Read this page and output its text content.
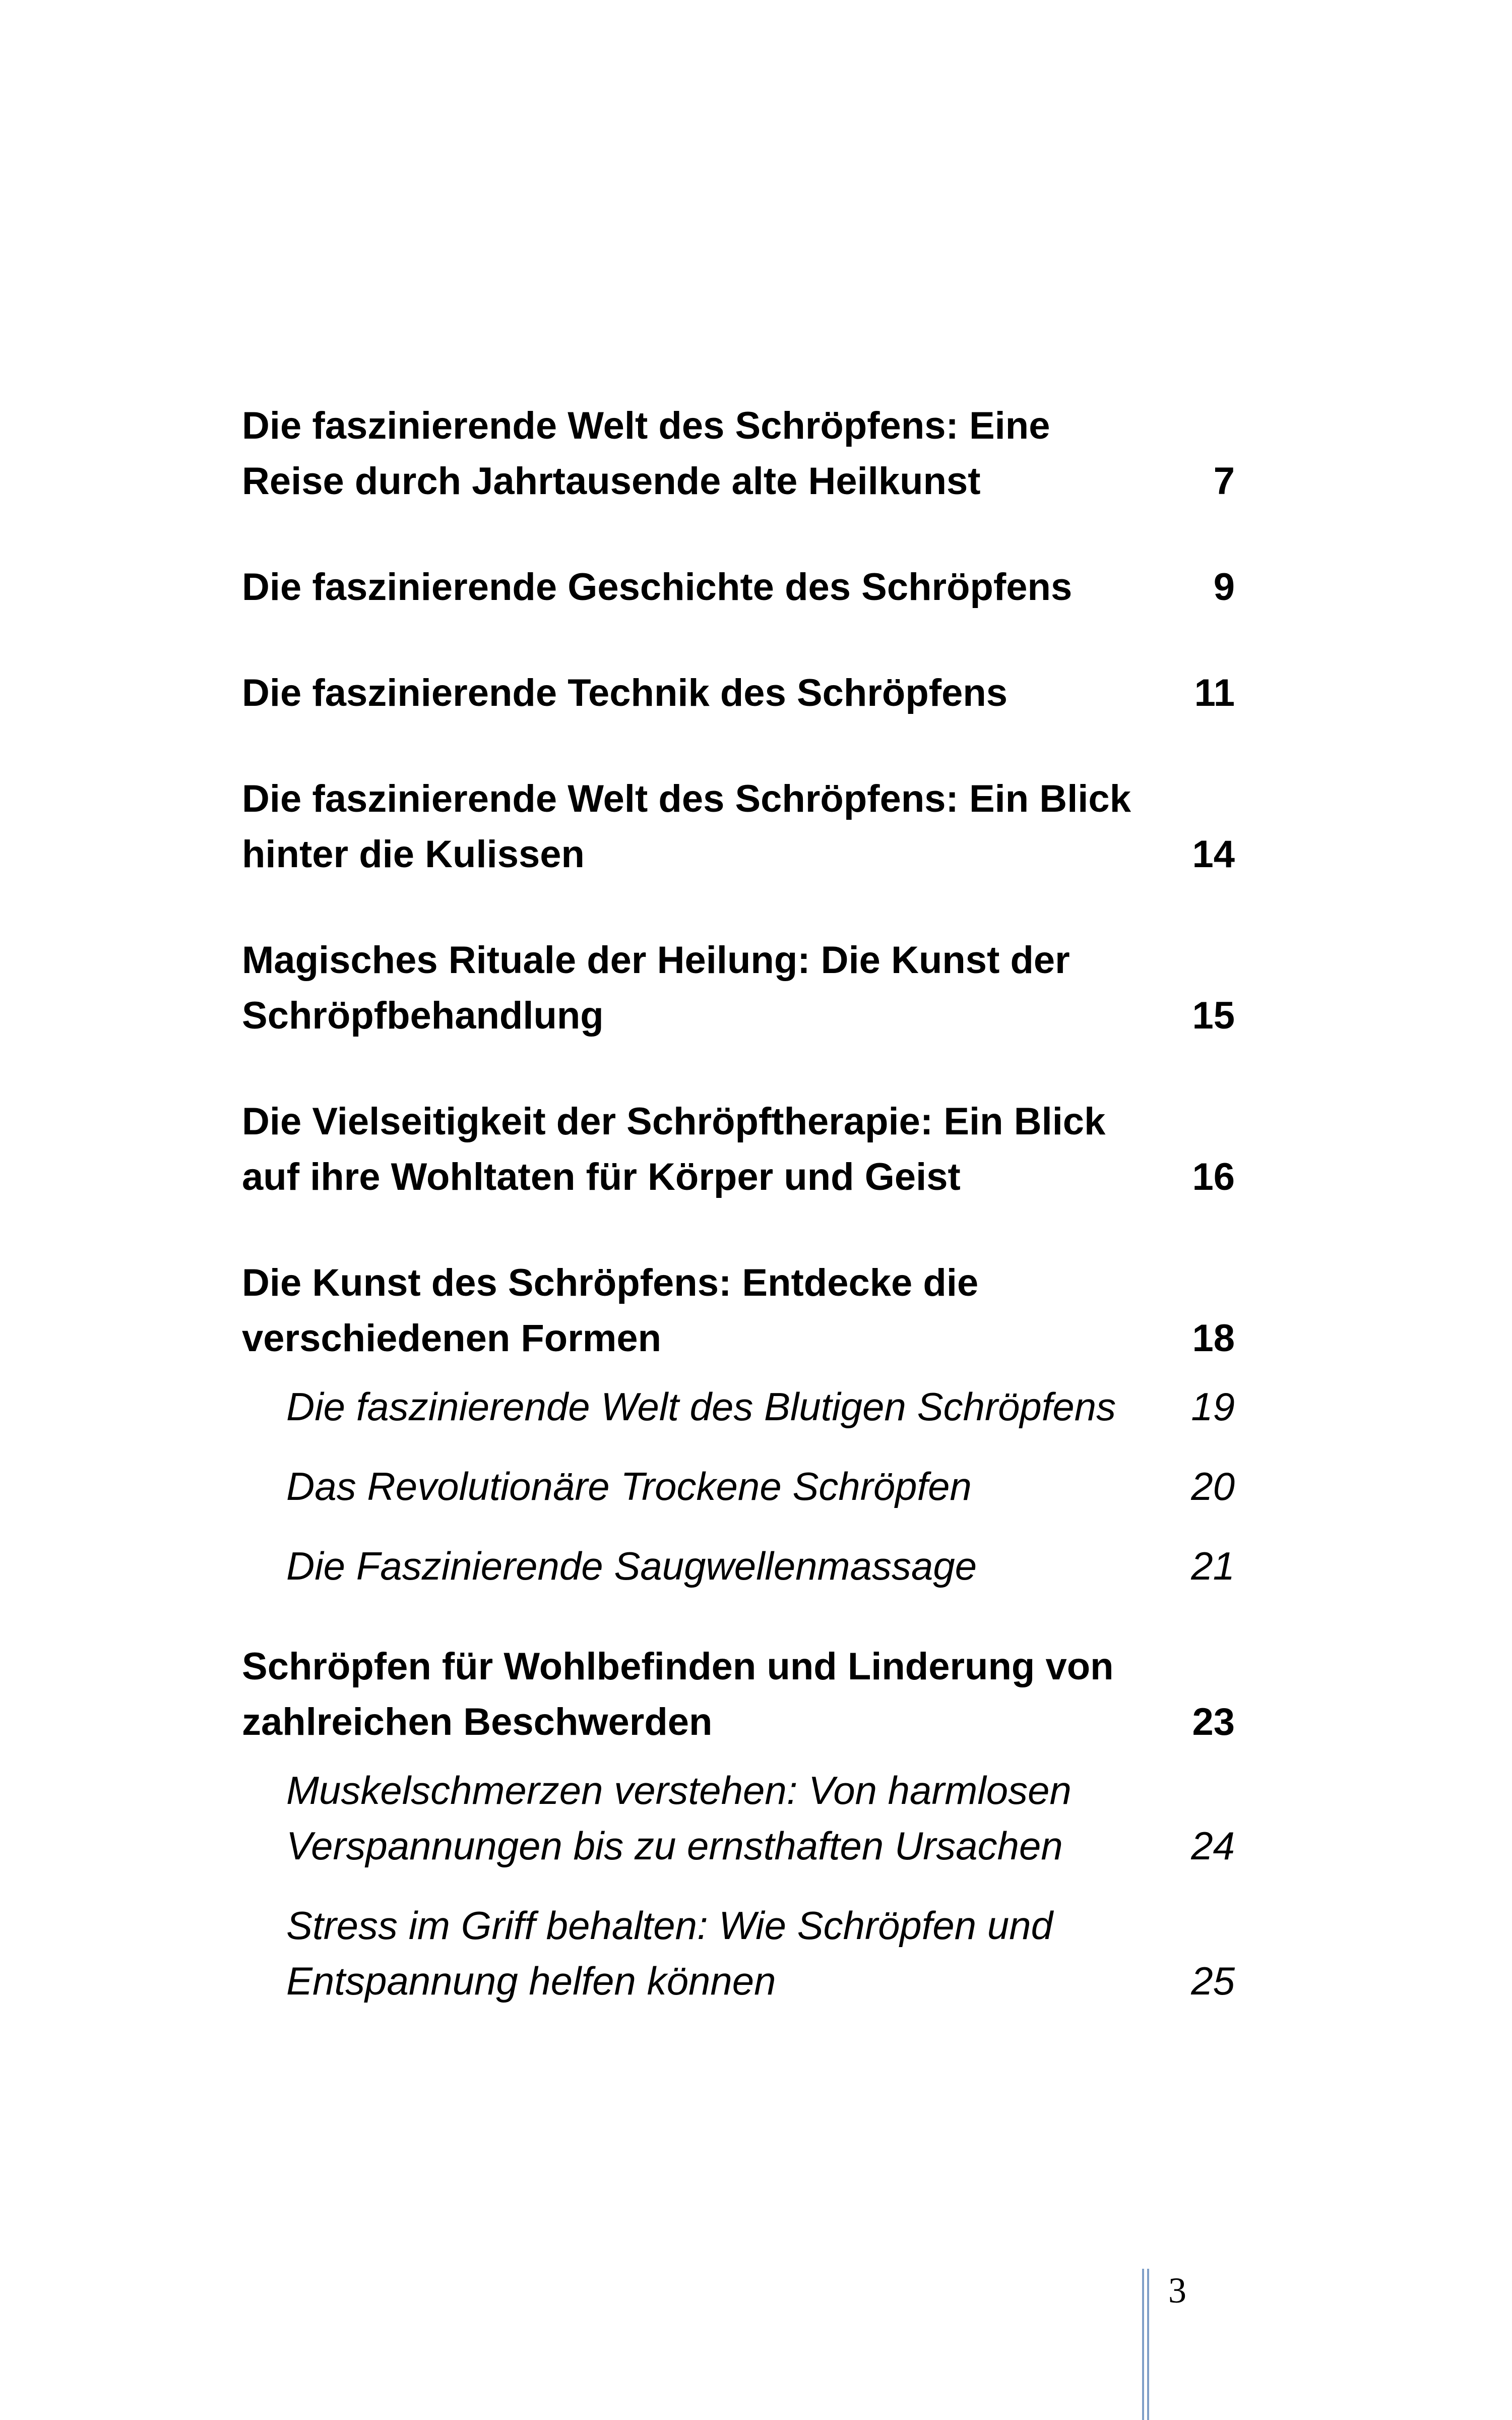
Die faszinierende Welt des Schröpfens: Eine Reise durch Jahrtausende alte Heilkunst	7
Die faszinierende Geschichte des Schröpfens	9
Die faszinierende Technik des Schröpfens	11
Die faszinierende Welt des Schröpfens: Ein Blick hinter die Kulissen	14
Magisches Rituale der Heilung: Die Kunst der Schröpfbehandlung	15
Die Vielseitigkeit der Schröpftherapie: Ein Blick auf ihre Wohltaten für Körper und Geist	16
Die Kunst des Schröpfens: Entdecke die verschiedenen Formen	18
Die faszinierende Welt des Blutigen Schröpfens	19
Das Revolutionäre Trockene Schröpfen	20
Die Faszinierende Saugwellenmassage	21
Schröpfen für Wohlbefinden und Linderung von zahlreichen Beschwerden	23
Muskelschmerzen verstehen: Von harmlosen Verspannungen bis zu ernsthaften Ursachen	24
Stress im Griff behalten: Wie Schröpfen und Entspannung helfen können	25
3
